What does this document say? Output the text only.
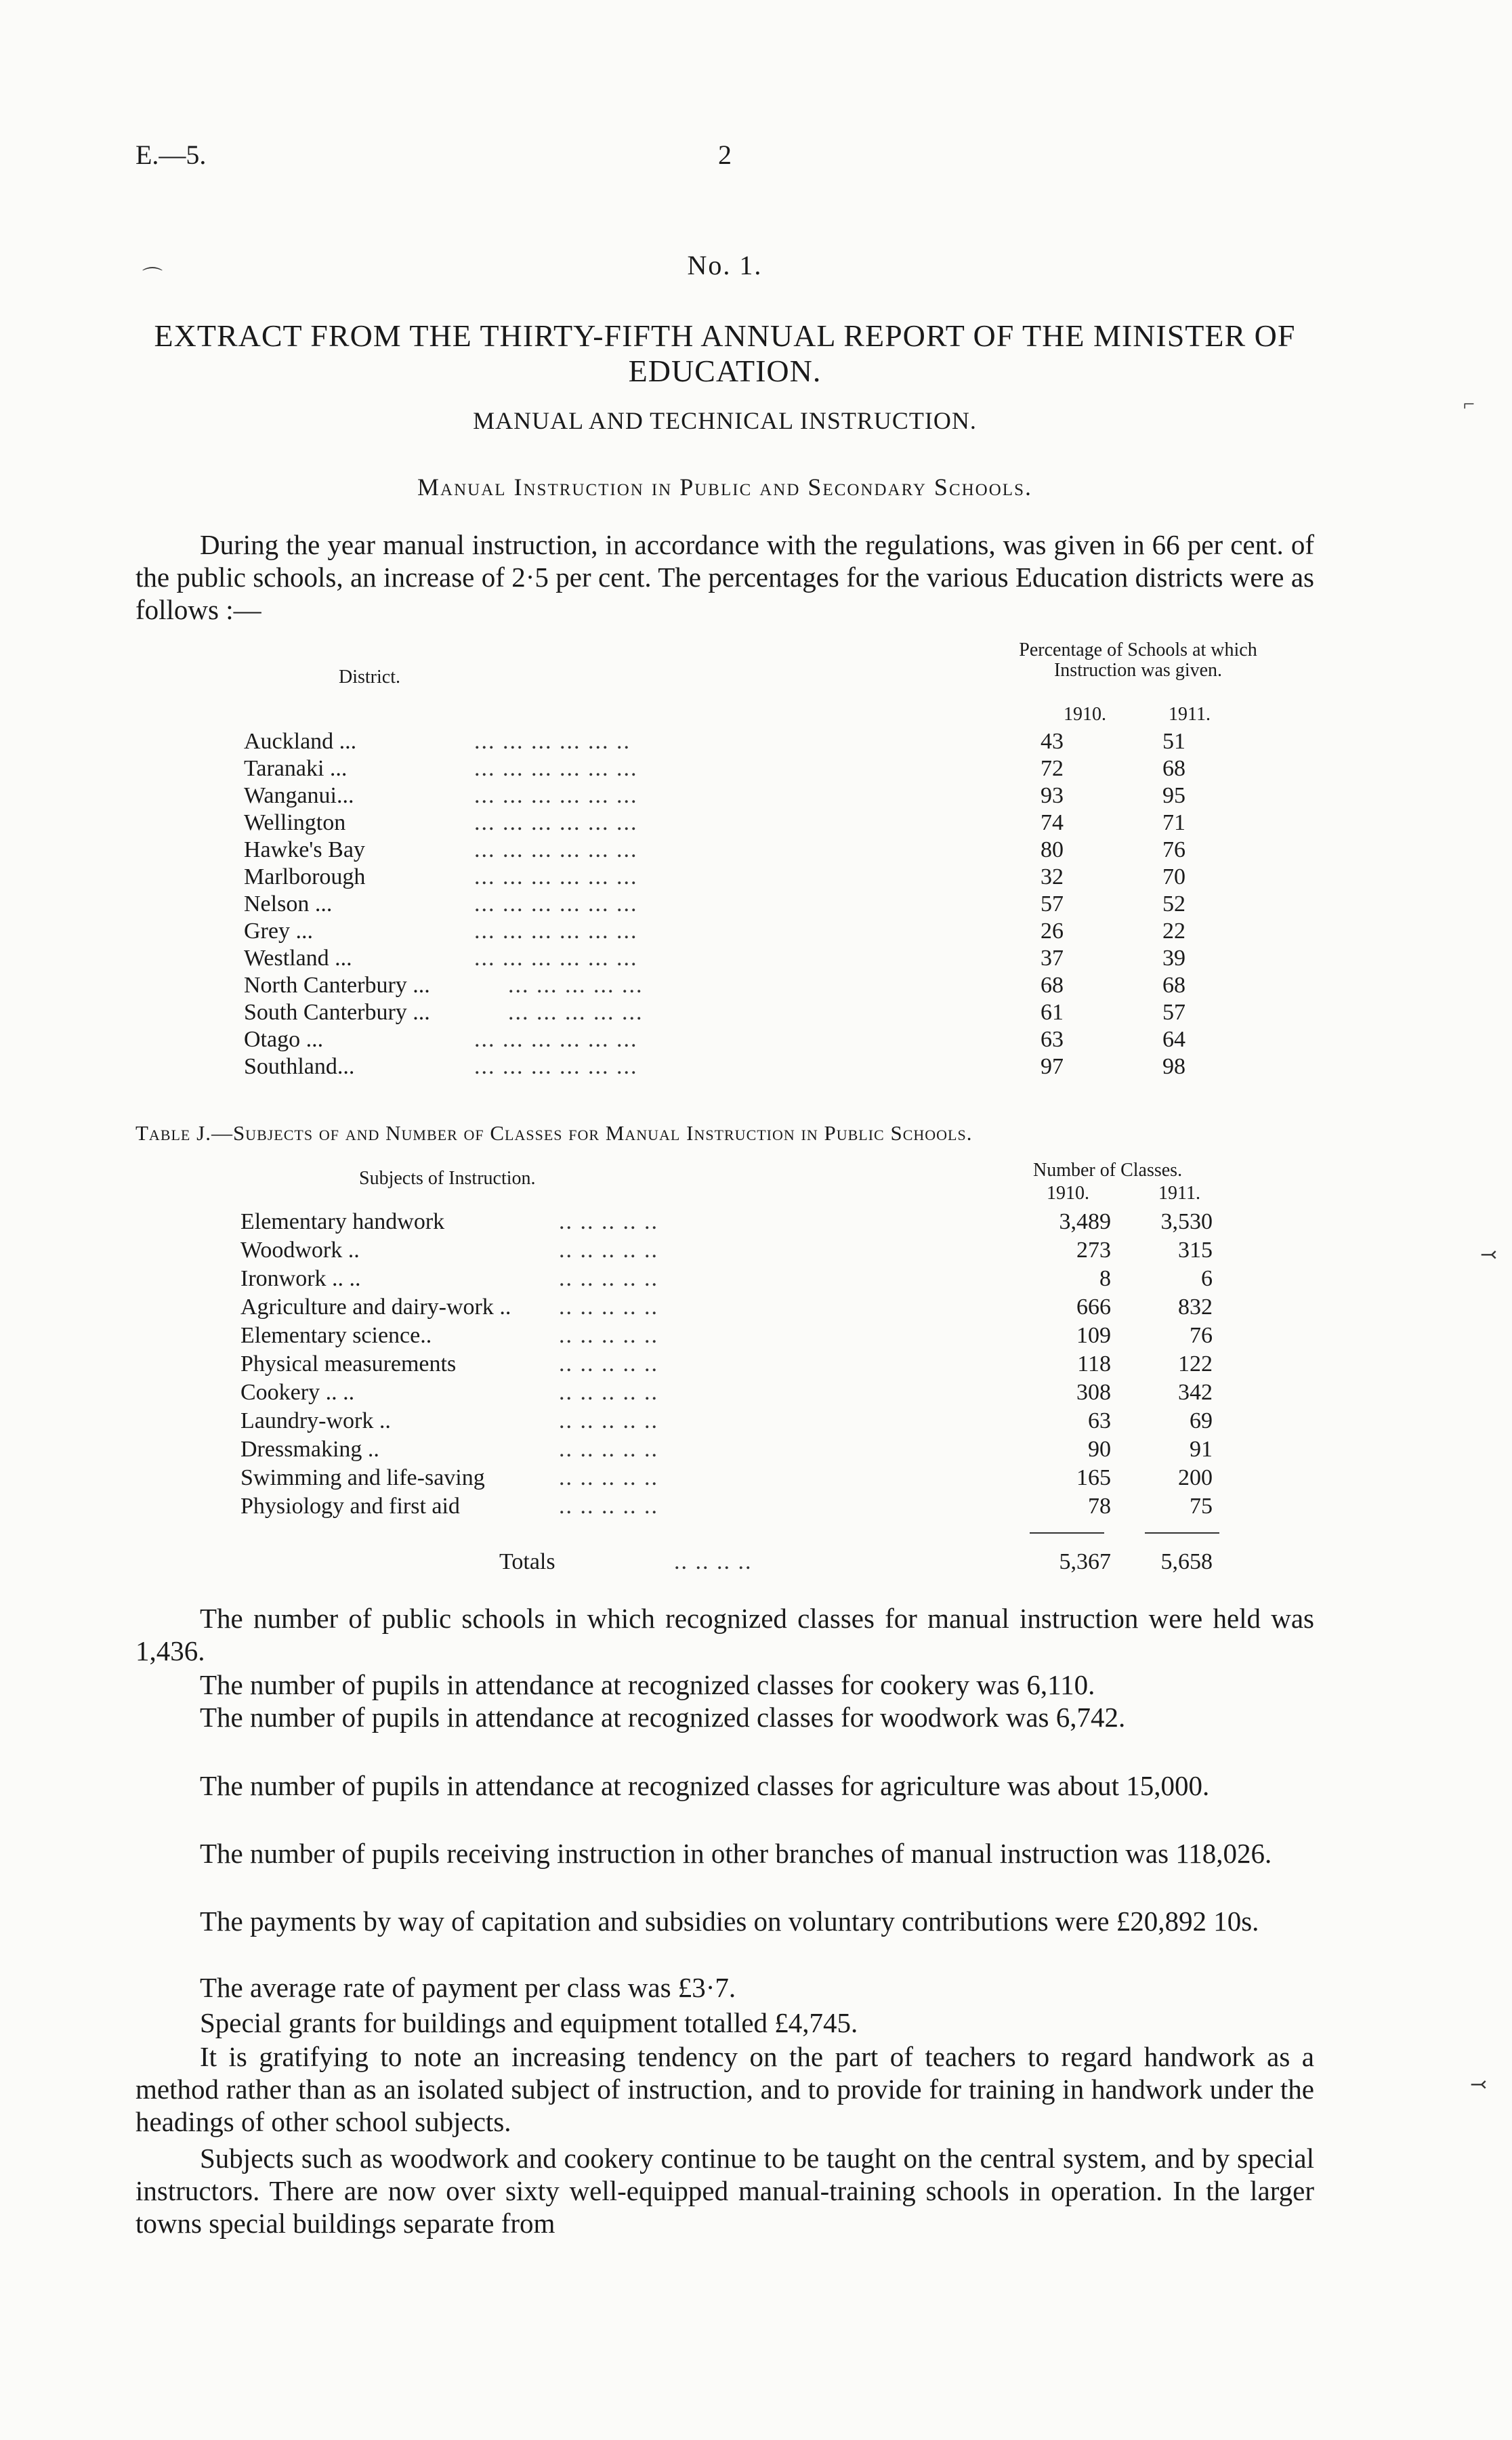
E.—5.	2
No. 1.
EXTRACT FROM THE THIRTY-FIFTH ANNUAL REPORT OF THE MINISTER OF EDUCATION.
MANUAL AND TECHNICAL INSTRUCTION.
Manual Instruction in Public and Secondary Schools.
During the year manual instruction, in accordance with the regulations, was given in 66 per cent. of the public schools, an increase of 2·5 per cent. The percentages for the various Education districts were as follows :—
District.
Percentage of Schools at which Instruction was given.
1910.	1911.
Auckland ...	... ... ... ... ... ..	43	51
Taranaki ...	... ... ... ... ... ...	72	68
Wanganui...	... ... ... ... ... ...	93	95
Wellington	... ... ... ... ... ...	74	71
Hawke's Bay	... ... ... ... ... ...	80	76
Marlborough	... ... ... ... ... ...	32	70
Nelson ...	... ... ... ... ... ...	57	52
Grey ...	... ... ... ... ... ...	26	22
Westland ...	... ... ... ... ... ...	37	39
North Canterbury ...	... ... ... ... ...	68	68
South Canterbury ...	... ... ... ... ...	61	57
Otago ...	... ... ... ... ... ...	63	64
Southland...	... ... ... ... ... ...	97	98
Table J.—Subjects of and Number of Classes for Manual Instruction in Public Schools.
Subjects of Instruction.	Number of Classes.
1910.	1911.
Elementary handwork	.. .. .. .. ..	3,489	3,530
Woodwork ..	.. .. .. .. ..	273	315
Ironwork .. ..	.. .. .. .. ..	8	6
Agriculture and dairy-work .. .. .. .. .. ..	666	832
Elementary science..	.. .. .. .. ..	109	76
Physical measurements	.. .. .. .. ..	118	122
Cookery .. ..	.. .. .. .. ..	308	342
Laundry-work ..	.. .. .. .. ..	63	69
Dressmaking ..	.. .. .. .. ..	90	91
Swimming and life-saving	.. .. .. .. ..	165	200
Physiology and first aid	.. .. .. .. ..	78	75
Totals	.. .. .. ..	5,367	5,658
The number of public schools in which recognized classes for manual instruction were held was 1,436.
The number of pupils in attendance at recognized classes for cookery was 6,110.
The number of pupils in attendance at recognized classes for woodwork was 6,742.
The number of pupils in attendance at recognized classes for agriculture was about 15,000.
The number of pupils receiving instruction in other branches of manual instruction was 118,026.
The payments by way of capitation and subsidies on voluntary contributions were £20,892 10s.
The average rate of payment per class was £3·7.
Special grants for buildings and equipment totalled £4,745.
It is gratifying to note an increasing tendency on the part of teachers to regard handwork as a method rather than as an isolated subject of instruction, and to provide for training in handwork under the headings of other school subjects.
Subjects such as woodwork and cookery continue to be taught on the central system, and by special instructors. There are now over sixty well-equipped manual-training schools in operation. In the larger towns special buildings separate from
⌒
⌐
⤙
⤙
